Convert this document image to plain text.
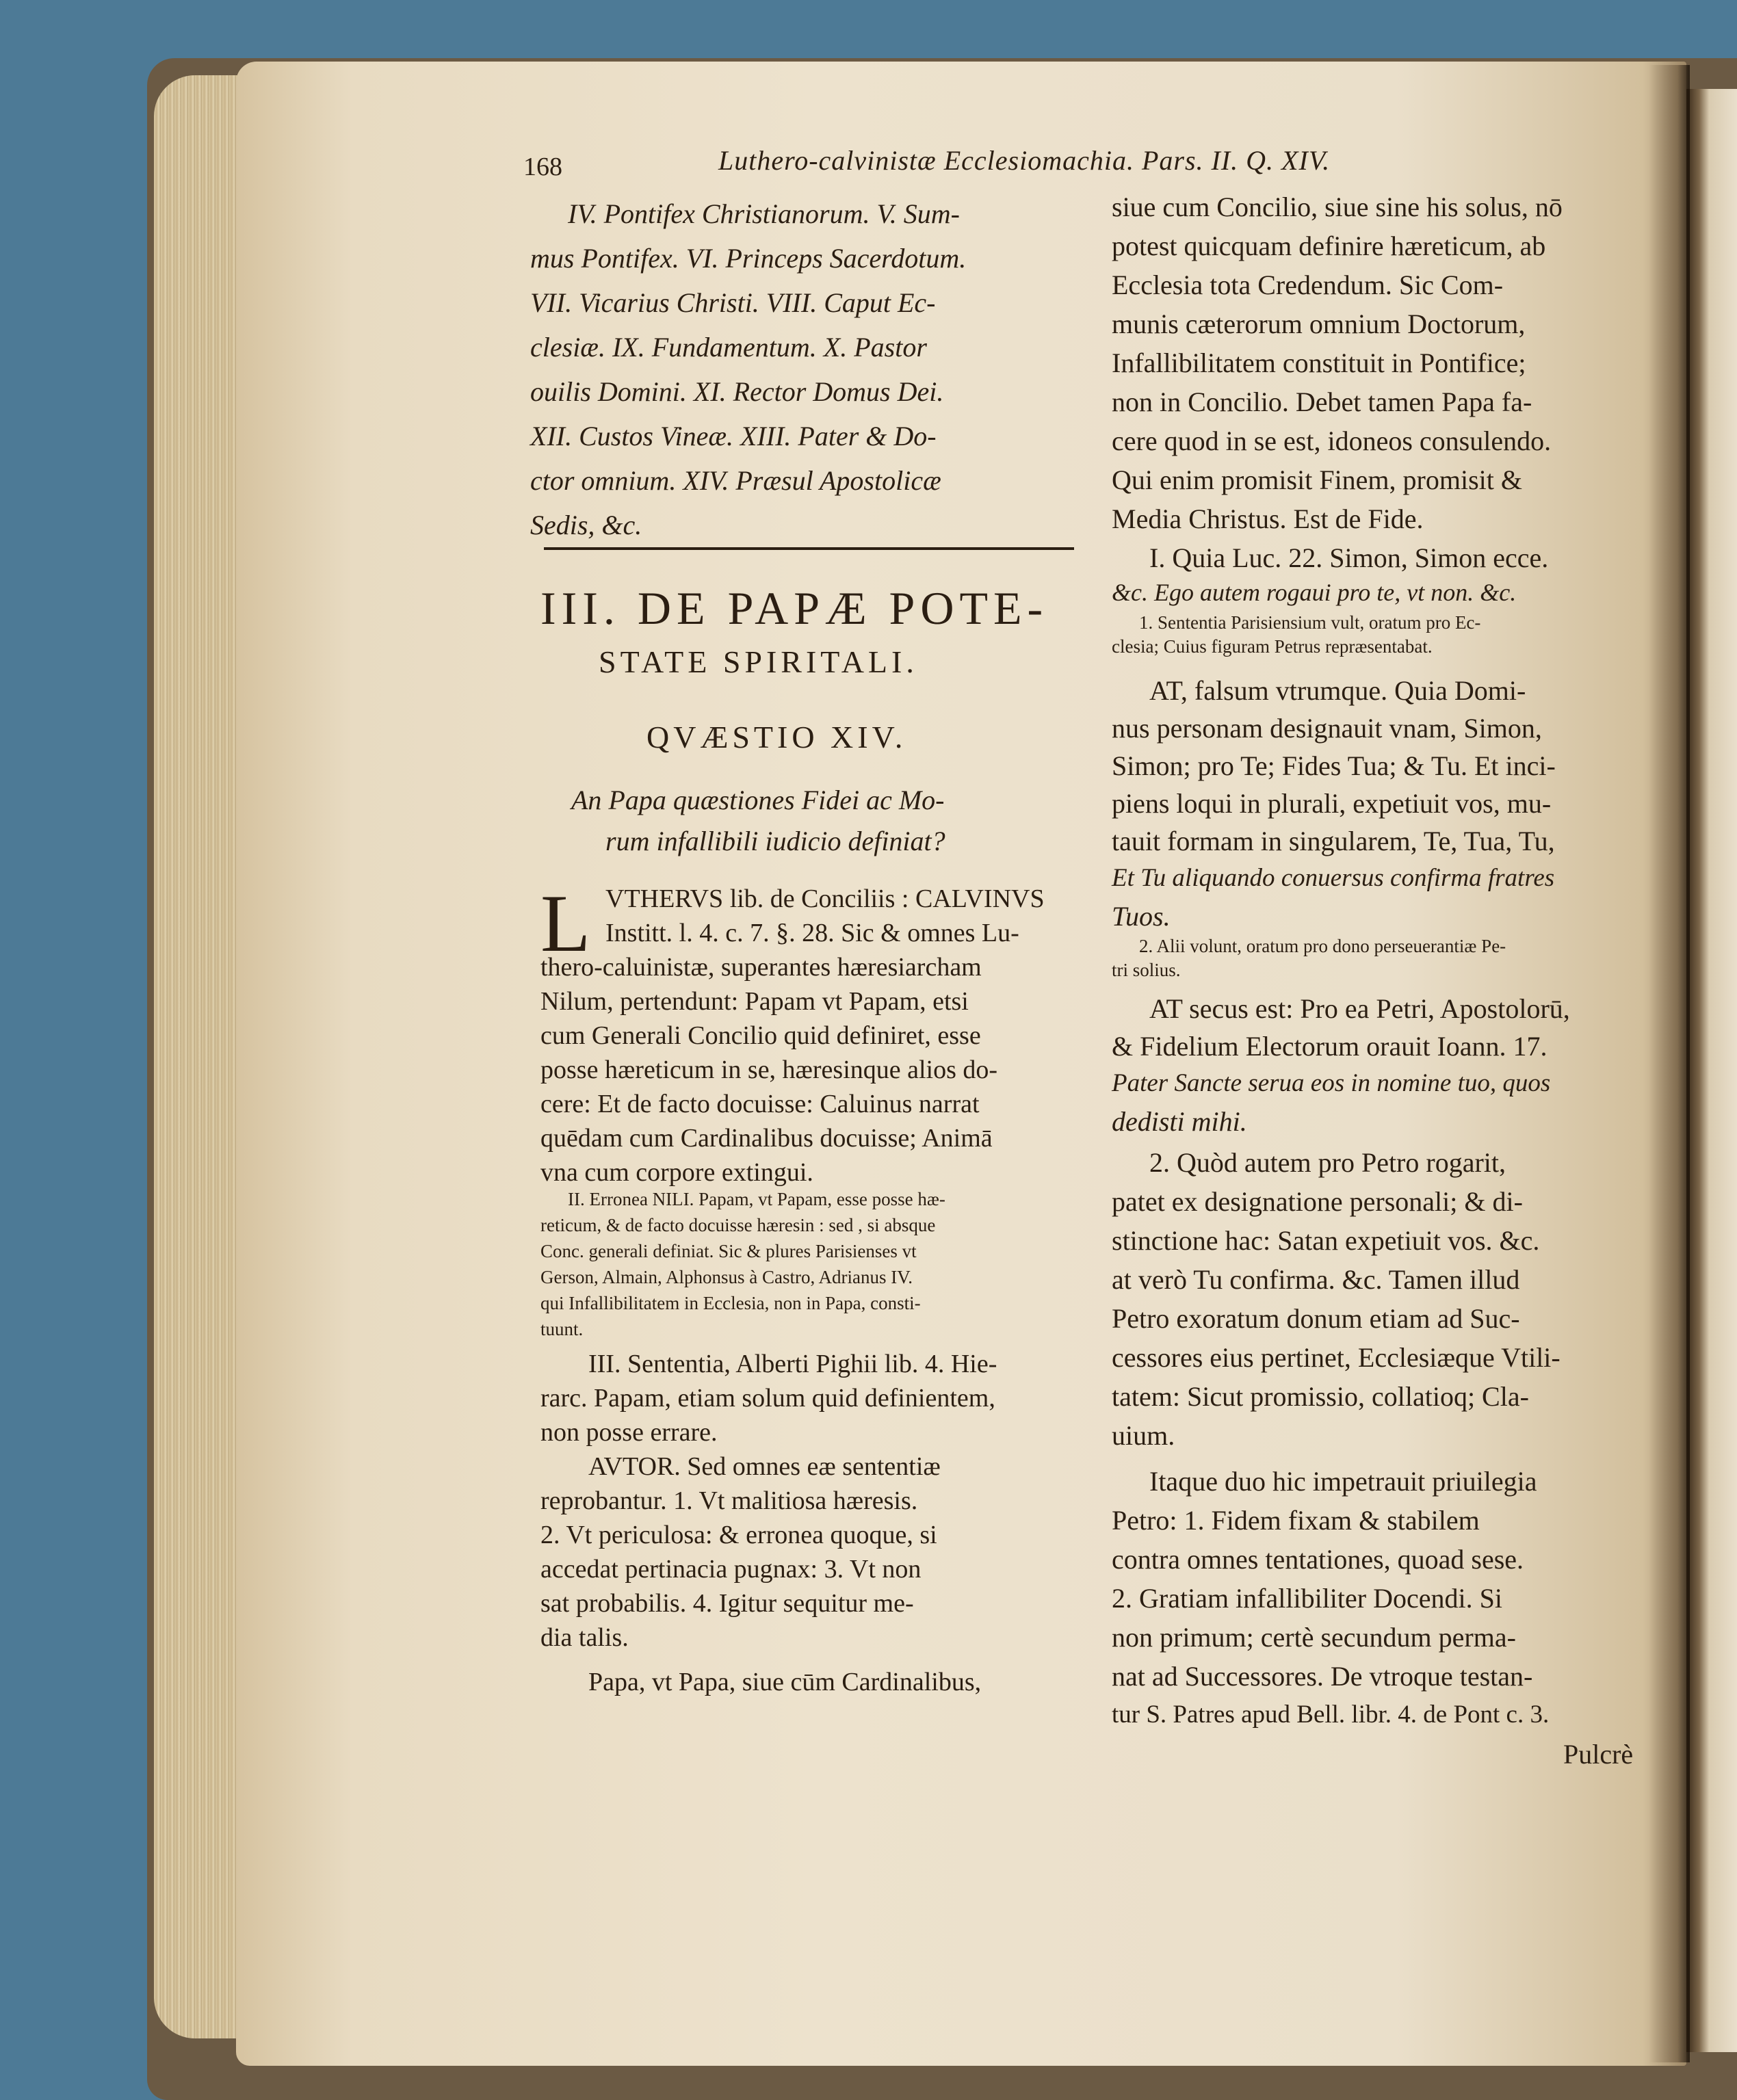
168	Luthero-calvinistæ Ecclesiomachia. Pars. II. Q. XIV.
IV. Pontifex Christianorum. V. Sum-
mus Pontifex. VI. Princeps Sacerdotum.
VII. Vicarius Christi. VIII. Caput Ec-
clesiæ. IX. Fundamentum. X. Pastor
ouilis Domini. XI. Rector Domus Dei.
XII. Custos Vineæ. XIII. Pater & Do-
ctor omnium. XIV. Præsul Apostolicæ
Sedis, &c.
III. DE PAPÆ POTE-
STATE SPIRITALI.
QVÆSTIO XIV.
An Papa quæstiones Fidei ac Mo-
rum infallibili iudicio definiat?
L VTHERVS lib. de Conciliis : CALVINVS
Institt. l. 4. c. 7. §. 28. Sic & omnes Lu-
thero-caluinistæ, superantes hæresiarcham
Nilum, pertendunt: Papam vt Papam, etsi
cum Generali Concilio quid definiret, esse
posse hæreticum in se, hæresinque alios do-
cere: Et de facto docuisse: Caluinus narrat
quēdam cum Cardinalibus docuisse; Animā
vna cum corpore extingui.
II. Erronea NILI. Papam, vt Papam, esse posse hæ-
reticum, & de facto docuisse hæresin : sed , si absque
Conc. generali definiat. Sic & plures Parisienses vt
Gerson, Almain, Alphonsus à Castro, Adrianus IV.
qui Infallibilitatem in Ecclesia, non in Papa, consti-
tuunt.
III. Sententia, Alberti Pighii lib. 4. Hie-
rarc. Papam, etiam solum quid definientem,
non posse errare.
AVTOR. Sed omnes eæ sententiæ
reprobantur. 1. Vt malitiosa hæresis.
2. Vt periculosa: & erronea quoque, si
accedat pertinacia pugnax: 3. Vt non
sat probabilis. 4. Igitur sequitur me-
dia talis.
Papa, vt Papa, siue cūm Cardinalibus,
siue cum Concilio, siue sine his solus, nō
potest quicquam definire hæreticum, ab
Ecclesia tota Credendum. Sic Com-
munis cæterorum omnium Doctorum,
Infallibilitatem constituit in Pontifice;
non in Concilio. Debet tamen Papa fa-
cere quod in se est, idoneos consulendo.
Qui enim promisit Finem, promisit &
Media Christus. Est de Fide.
I. Quia Luc. 22. Simon, Simon ecce.
&c. Ego autem rogaui pro te, vt non. &c.
1. Sententia Parisiensium vult, oratum pro Ec-
clesia; Cuius figuram Petrus repræsentabat.
AT, falsum vtrumque. Quia Domi-
nus personam designauit vnam, Simon,
Simon; pro Te; Fides Tua; & Tu. Et inci-
piens loqui in plurali, expetiuit vos, mu-
tauit formam in singularem, Te, Tua, Tu,
Et Tu aliquando conuersus confirma fratres
Tuos.
2. Alii volunt, oratum pro dono perseuerantiæ Pe-
tri solius.
AT secus est: Pro ea Petri, Apostolorū,
& Fidelium Electorum orauit Ioann. 17.
Pater Sancte serua eos in nomine tuo, quos
dedisti mihi.
2. Quòd autem pro Petro rogarit,
patet ex designatione personali; & di-
stinctione hac: Satan expetiuit vos. &c.
at verò Tu confirma. &c. Tamen illud
Petro exoratum donum etiam ad Suc-
cessores eius pertinet, Ecclesiæque Vtili-
tatem: Sicut promissio, collatioq; Cla-
uium.
Itaque duo hic impetrauit priuilegia
Petro: 1. Fidem fixam & stabilem
contra omnes tentationes, quoad sese.
2. Gratiam infallibiliter Docendi. Si
non primum; certè secundum perma-
nat ad Successores. De vtroque testan-
tur S. Patres apud Bell. libr. 4. de Pont c. 3.
Pulcrè
